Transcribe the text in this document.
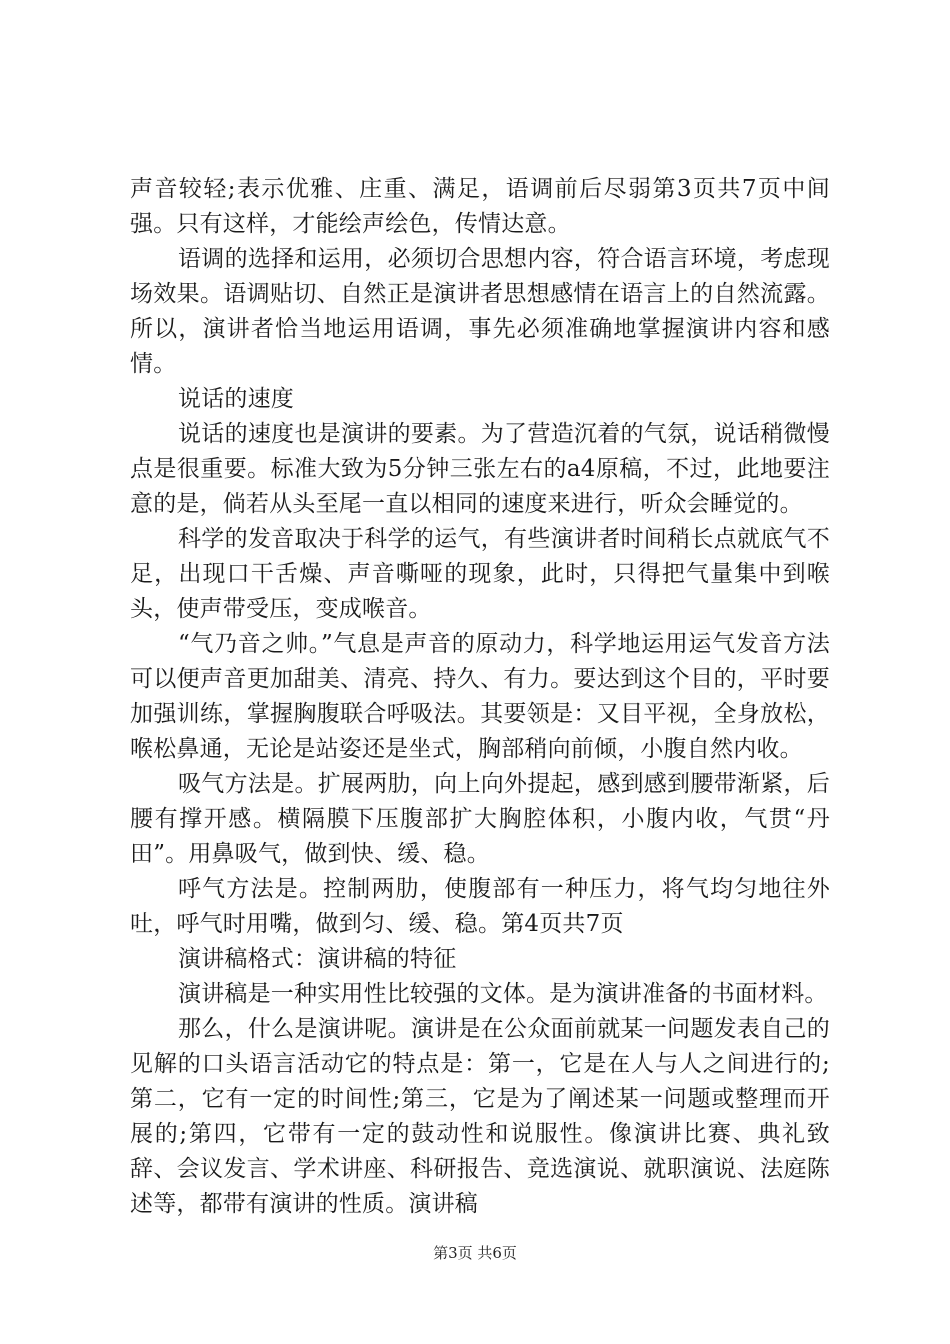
声音较轻;表示优雅、庄重、满足，语调前后尽弱第3页共7页中间强。只有这样，才能绘声绘色，传情达意。

语调的选择和运用，必须切合思想内容，符合语言环境，考虑现场效果。语调贴切、自然正是演讲者思想感情在语言上的自然流露。所以，演讲者恰当地运用语调，事先必须准确地掌握演讲内容和感情。

说话的速度

说话的速度也是演讲的要素。为了营造沉着的气氛，说话稍微慢点是很重要。标准大致为5分钟三张左右的a4原稿，不过，此地要注意的是，倘若从头至尾一直以相同的速度来进行，听众会睡觉的。

科学的发音取决于科学的运气，有些演讲者时间稍长点就底气不足，出现口干舌燥、声音嘶哑的现象，此时，只得把气量集中到喉头，使声带受压，变成喉音。

“气乃音之帅。”气息是声音的原动力，科学地运用运气发音方法可以便声音更加甜美、清亮、持久、有力。要达到这个目的，平时要加强训练，掌握胸腹联合呼吸法。其要领是：又目平视，全身放松，喉松鼻通，无论是站姿还是坐式，胸部稍向前倾，小腹自然内收。

吸气方法是。扩展两肋，向上向外提起，感到感到腰带渐紧，后腰有撑开感。横隔膜下压腹部扩大胸腔体积，小腹内收，气贯“丹田”。用鼻吸气，做到快、缓、稳。

呼气方法是。控制两肋，使腹部有一种压力，将气均匀地往外吐，呼气时用嘴，做到匀、缓、稳。第4页共7页

演讲稿格式：演讲稿的特征

演讲稿是一种实用性比较强的文体。是为演讲准备的书面材料。

那么，什么是演讲呢。演讲是在公众面前就某一问题发表自己的见解的口头语言活动它的特点是：第一，它是在人与人之间进行的;第二，它有一定的时间性;第三，它是为了阐述某一问题或整理而开展的;第四，它带有一定的鼓动性和说服性。像演讲比赛、典礼致辞、会议发言、学术讲座、科研报告、竞选演说、就职演说、法庭陈述等，都带有演讲的性质。演讲稿

第3页 共6页
